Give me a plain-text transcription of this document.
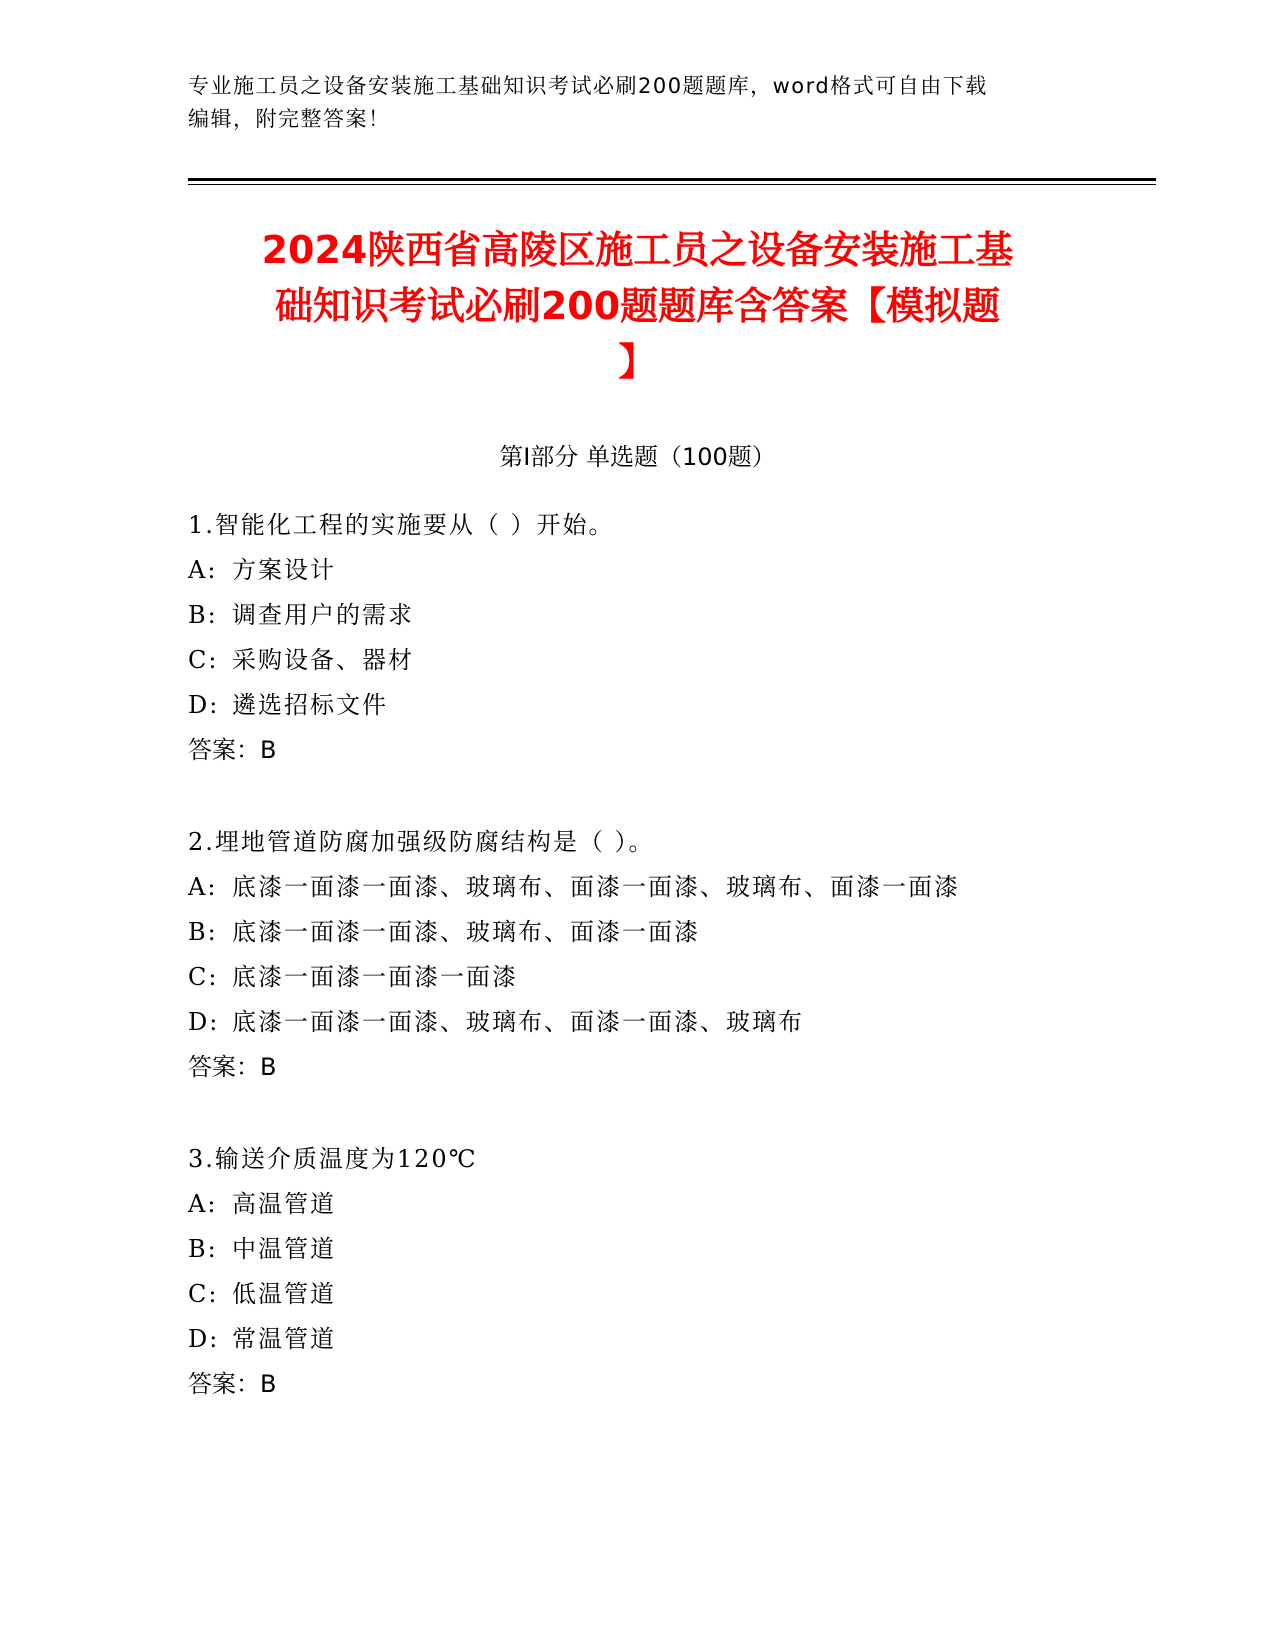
专业施工员之设备安装施工基础知识考试必刷200题题库，word格式可自由下载
编辑，附完整答案！
2024陕西省高陵区施工员之设备安装施工基
础知识考试必刷200题题库含答案【模拟题
】
第I部分 单选题（100题）
1.智能化工程的实施要从（ ）开始。
A: 方案设计
B: 调查用户的需求
C: 采购设备、器材
D: 遴选招标文件
答案：B
2.埋地管道防腐加强级防腐结构是（ ）。
A: 底漆一面漆一面漆、玻璃布、面漆一面漆、玻璃布、面漆一面漆
B: 底漆一面漆一面漆、玻璃布、面漆一面漆
C: 底漆一面漆一面漆一面漆
D: 底漆一面漆一面漆、玻璃布、面漆一面漆、玻璃布
答案：B
3.输送介质温度为120℃
A: 高温管道
B: 中温管道
C: 低温管道
D: 常温管道
答案：B
